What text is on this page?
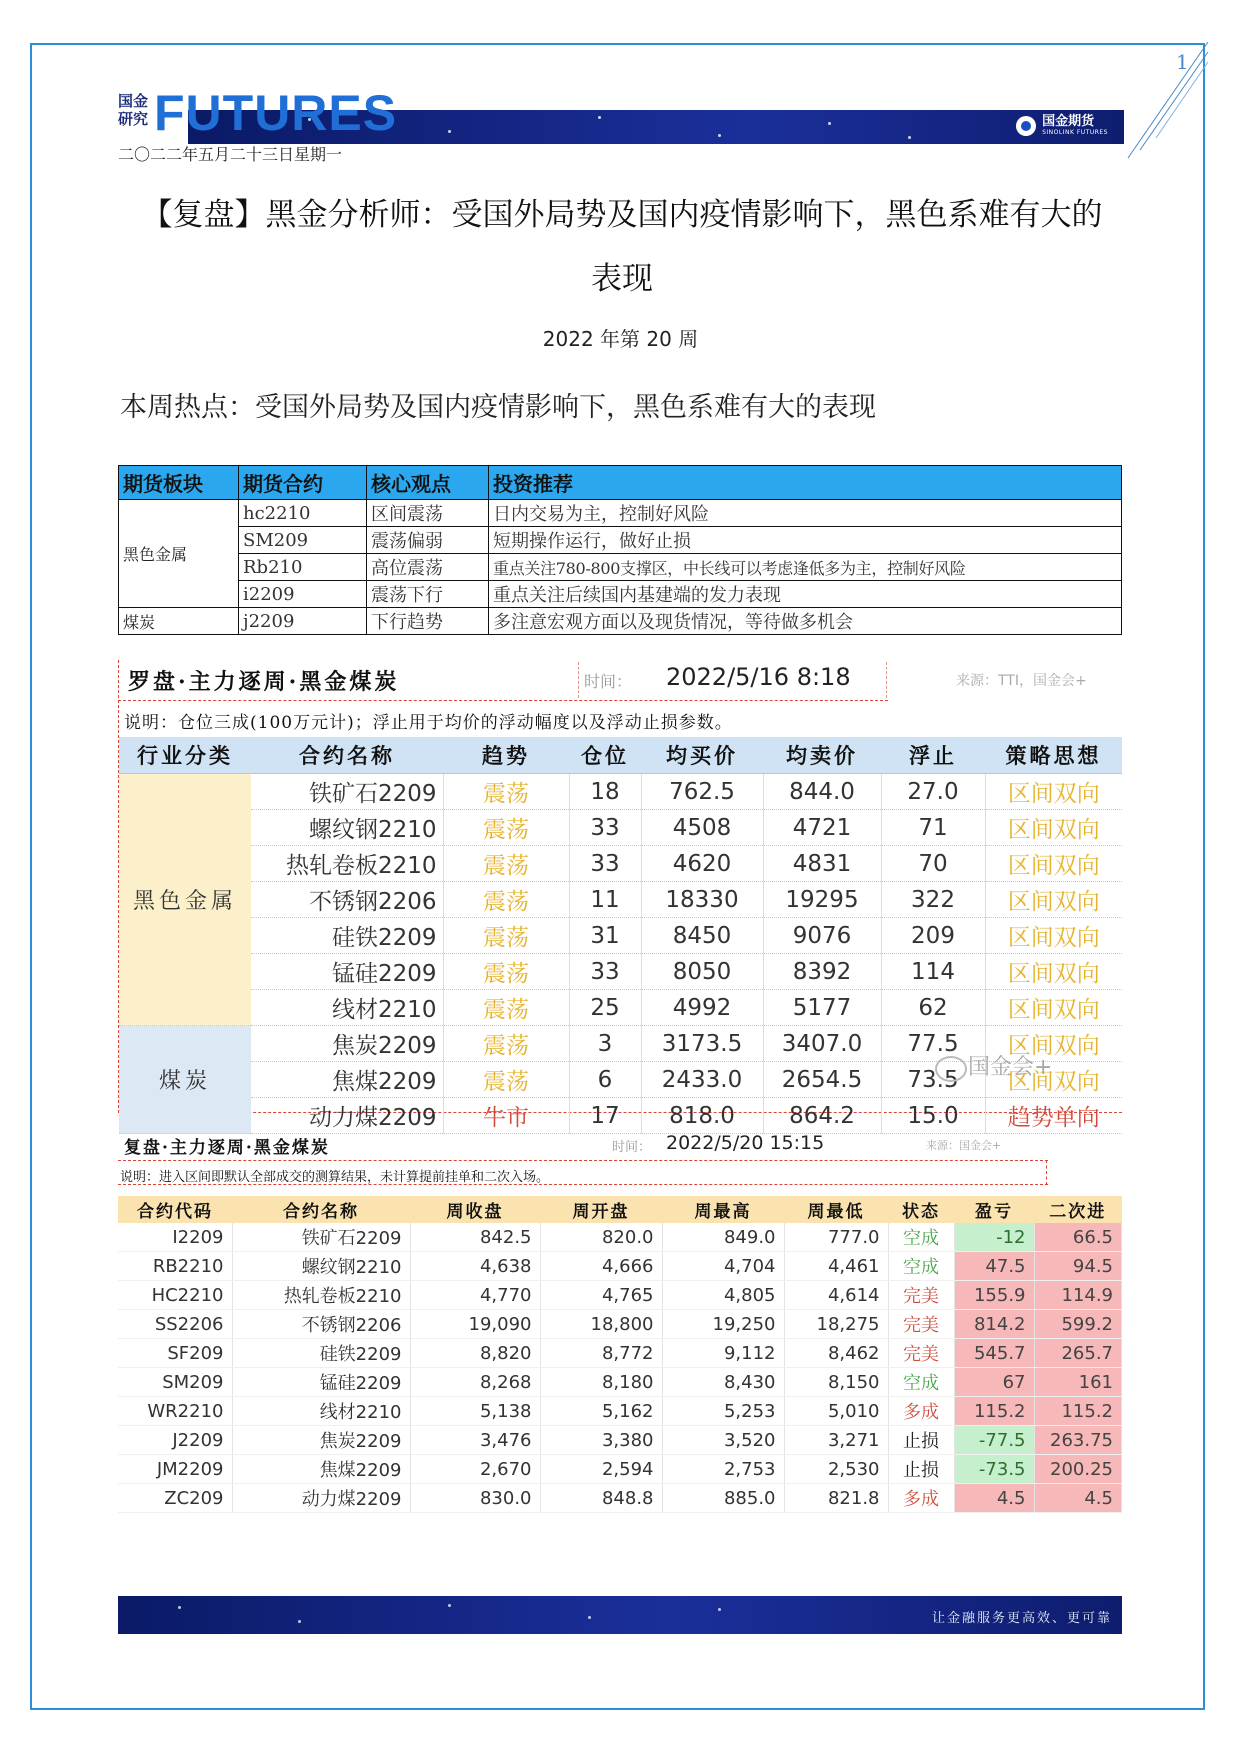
1
国金期货
SINOLINK FUTURES
FUTURES
国金
研究
二〇二二年五月二十三日星期一
【复盘】黑金分析师：受国外局势及国内疫情影响下，黑色系难有大的
表现
2022 年第 20 周
本周热点：受国外局势及国内疫情影响下，黑色系难有大的表现
期货板块	期货合约	核心观点	投资推荐
黑色金属	hc2210	区间震荡	日内交易为主，控制好风险
	SM209	震荡偏弱	短期操作运行，做好止损
	Rb210	高位震荡	重点关注780-800支撑区，中长线可以考虑逢低多为主，控制好风险
	i2209	震荡下行	重点关注后续国内基建端的发力表现
煤炭	j2209	下行趋势	多注意宏观方面以及现货情况，等待做多机会
罗盘·主力逐周·黑金煤炭	时间： 2022/5/16 8:18	来源：TTI，国金会+
说明：仓位三成(100万元计)；浮止用于均价的浮动幅度以及浮动止损参数。
行业分类	合约名称	趋势	仓位	均买价	均卖价	浮止	策略思想
黑色金属	铁矿石2209	震荡	18	762.5	844.0	27.0	区间双向
	螺纹钢2210	震荡	33	4508	4721	71	区间双向
	热轧卷板2210	震荡	33	4620	4831	70	区间双向
	不锈钢2206	震荡	11	18330	19295	322	区间双向
	硅铁2209	震荡	31	8450	9076	209	区间双向
	锰硅2209	震荡	33	8050	8392	114	区间双向
	线材2210	震荡	25	4992	5177	62	区间双向
煤炭	焦炭2209	震荡	3	3173.5	3407.0	77.5	区间双向
	焦煤2209	震荡	6	2433.0	2654.5	73.5	区间双向
	动力煤2209	牛市	17	818.0	864.2	15.0	趋势单向
国金会+
复盘·主力逐周·黑金煤炭	时间： 2022/5/20 15:15	来源：国金会+
说明：进入区间即默认全部成交的测算结果，未计算提前挂单和二次入场。
合约代码	合约名称	周收盘	周开盘	周最高	周最低	状态	盈亏	二次进
I2209	铁矿石2209	842.5	820.0	849.0	777.0	空成	-12	66.5
RB2210	螺纹钢2210	4,638	4,666	4,704	4,461	空成	47.5	94.5
HC2210	热轧卷板2210	4,770	4,765	4,805	4,614	完美	155.9	114.9
SS2206	不锈钢2206	19,090	18,800	19,250	18,275	完美	814.2	599.2
SF209	硅铁2209	8,820	8,772	9,112	8,462	完美	545.7	265.7
SM209	锰硅2209	8,268	8,180	8,430	8,150	空成	67	161
WR2210	线材2210	5,138	5,162	5,253	5,010	多成	115.2	115.2
J2209	焦炭2209	3,476	3,380	3,520	3,271	止损	-77.5	263.75
JM2209	焦煤2209	2,670	2,594	2,753	2,530	止损	-73.5	200.25
ZC209	动力煤2209	830.0	848.8	885.0	821.8	多成	4.5	4.5
让金融服务更高效、更可靠
